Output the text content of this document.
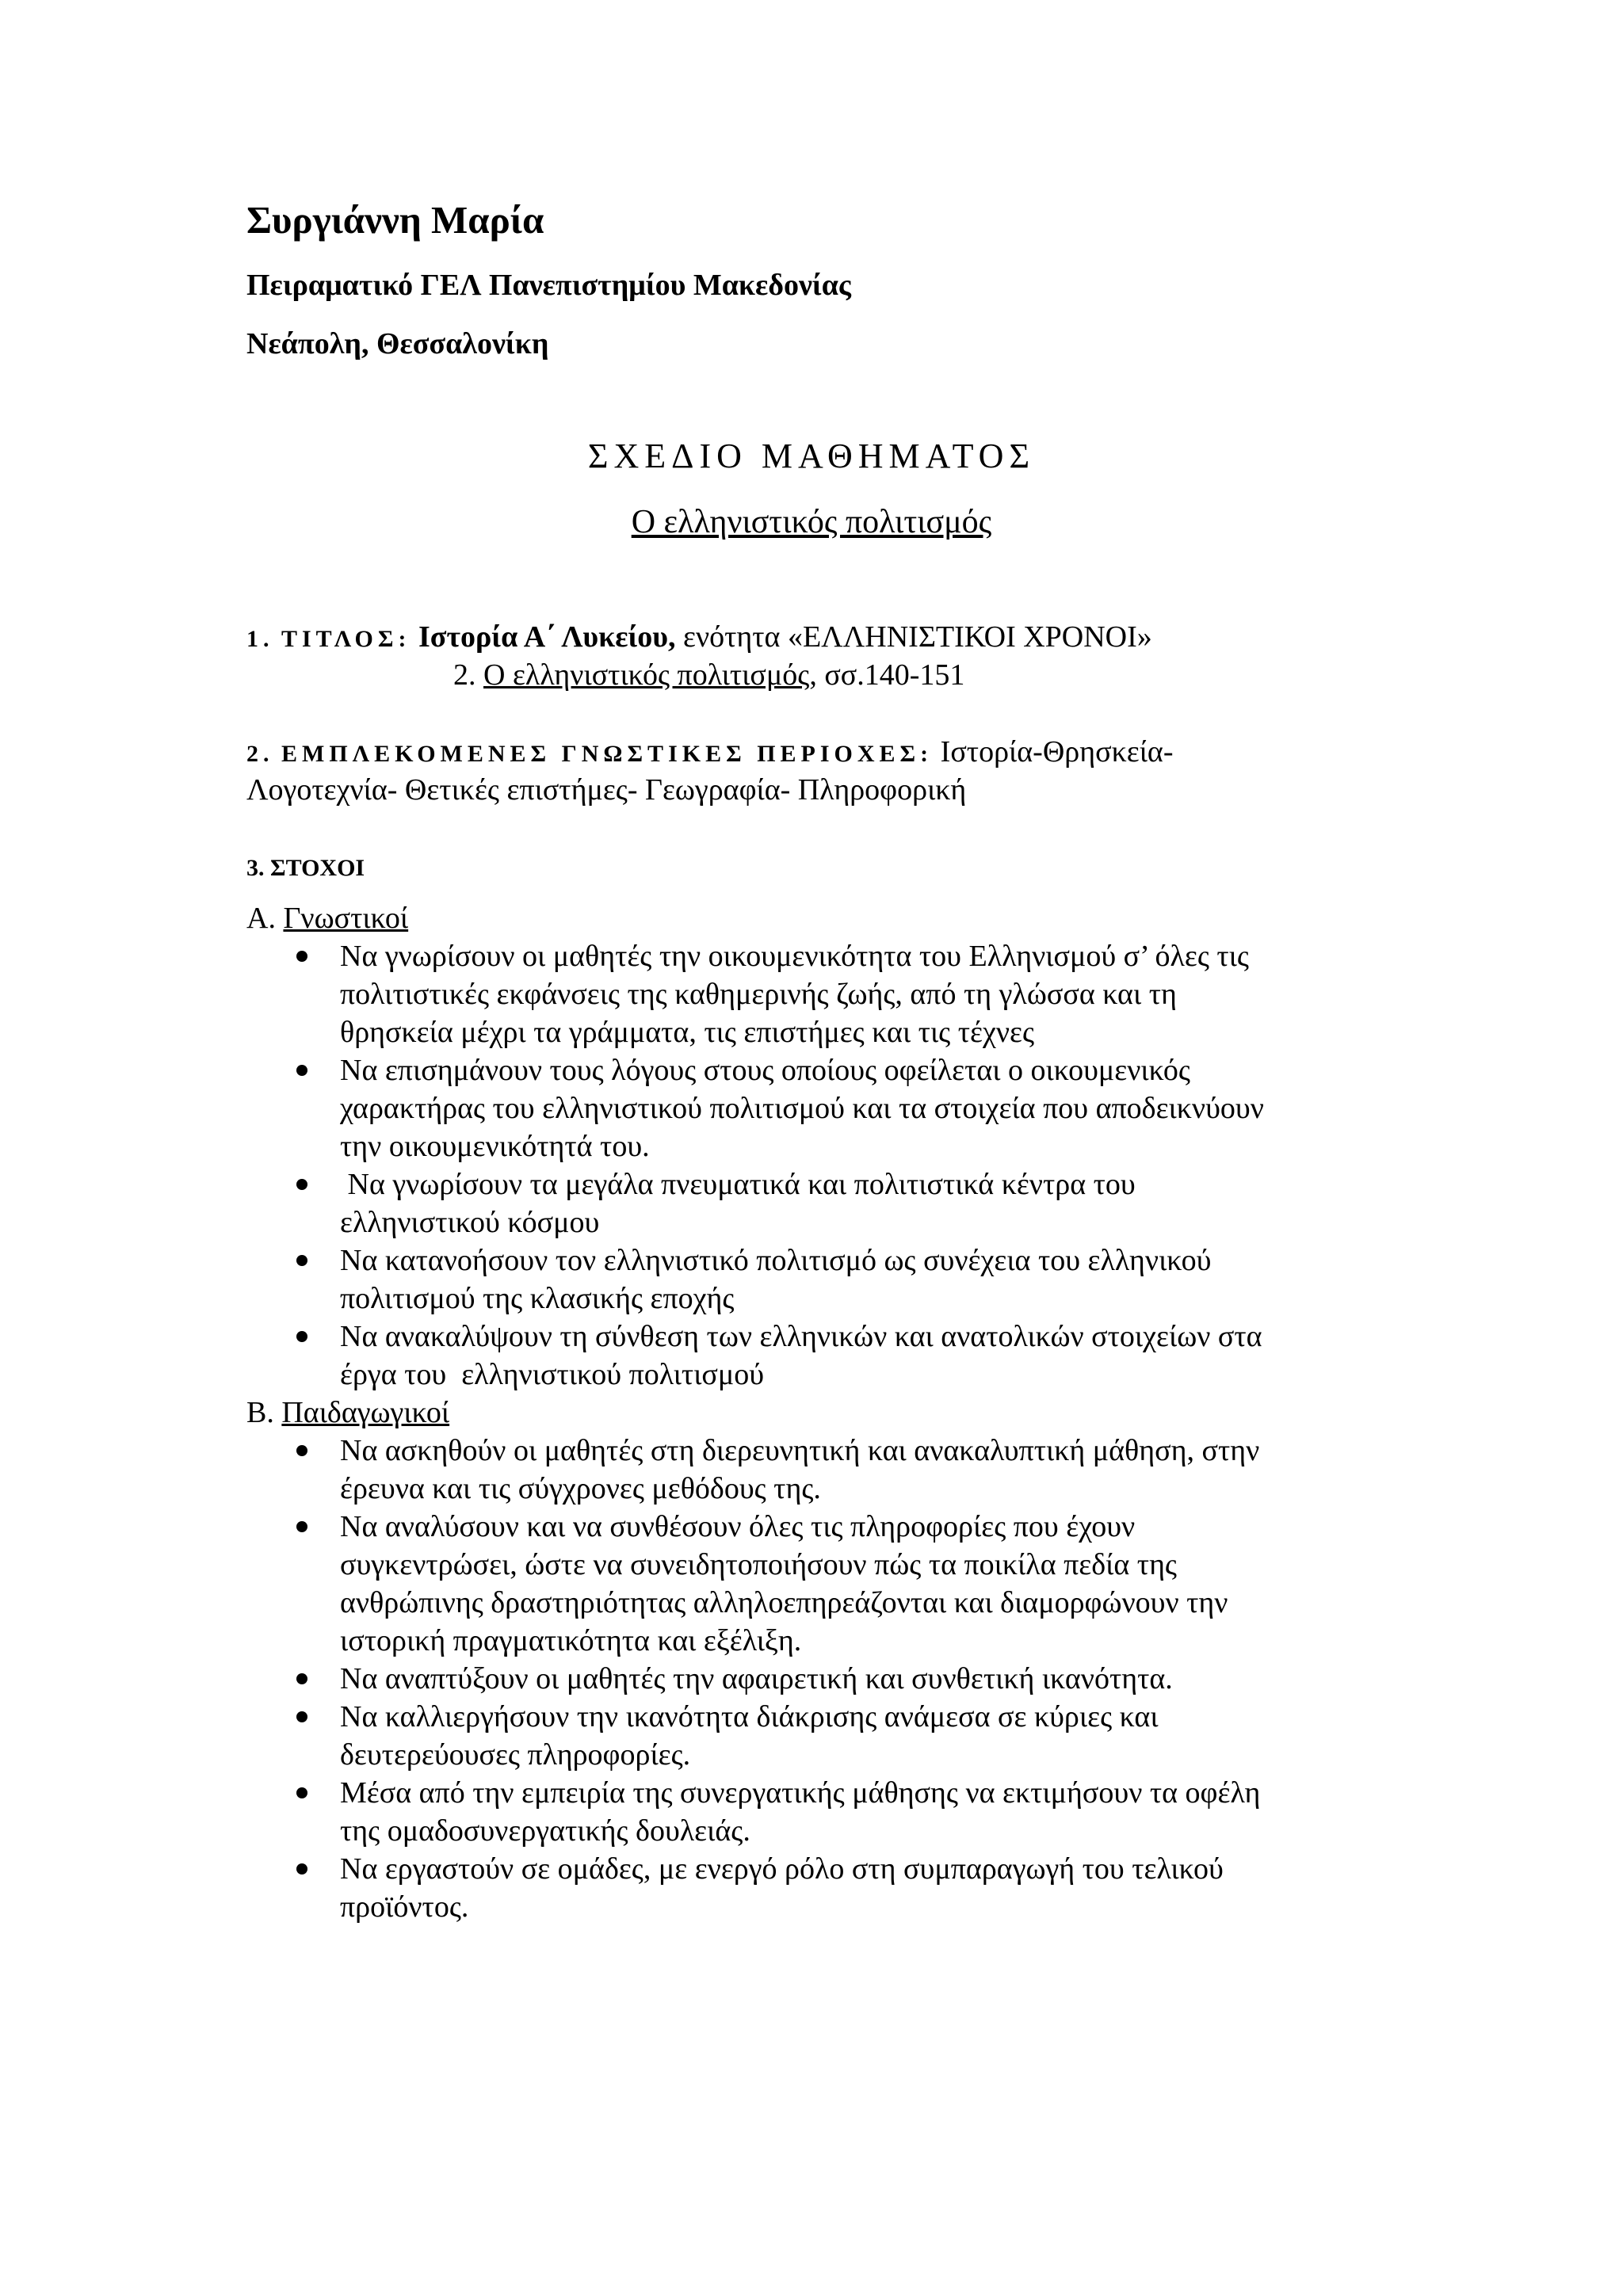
Συργιάννη Μαρία
Πειραματικό ΓΕΛ Πανεπιστημίου Μακεδονίας
Νεάπολη, Θεσσαλονίκη
ΣΧΕΔΙΟ ΜΑΘΗΜΑΤΟΣ
Ο ελληνιστικός πολιτισμός
1. ΤΙΤΛΟΣ: Ιστορία Α΄ Λυκείου, ενότητα «ΕΛΛΗΝΙΣΤΙΚΟΙ ΧΡΟΝΟΙ»
2. Ο ελληνιστικός πολιτισμός, σσ.140-151
2. ΕΜΠΛΕΚΟΜΕΝΕΣ ΓΝΩΣΤΙΚΕΣ ΠΕΡΙΟΧΕΣ: Ιστορία-Θρησκεία-
Λογοτεχνία- Θετικές επιστήμες- Γεωγραφία- Πληροφορική
3. ΣΤΟΧΟΙ

Α. Γνωστικοί

Να γνωρίσουν οι μαθητές την οικουμενικότητα του Ελληνισμού σ’ όλες τις
πολιτιστικές εκφάνσεις της καθημερινής ζωής, από τη γλώσσα και τη
θρησκεία μέχρι τα γράμματα, τις επιστήμες και τις τέχνες
Να επισημάνουν τους λόγους στους οποίους οφείλεται ο οικουμενικός
χαρακτήρας του ελληνιστικού πολιτισμού και τα στοιχεία που αποδεικνύουν
την οικουμενικότητά του.
Να γνωρίσουν τα μεγάλα πνευματικά και πολιτιστικά κέντρα του
ελληνιστικού κόσμου
Να κατανοήσουν τον ελληνιστικό πολιτισμό ως συνέχεια του ελληνικού
πολιτισμού της κλασικής εποχής
Να ανακαλύψουν τη σύνθεση των ελληνικών και ανατολικών στοιχείων στα
έργα του  ελληνιστικού πολιτισμού

Β. Παιδαγωγικοί

Να ασκηθούν οι μαθητές στη διερευνητική και ανακαλυπτική μάθηση, στην
έρευνα και τις σύγχρονες μεθόδους της.
Να αναλύσουν και να συνθέσουν όλες τις πληροφορίες που έχουν
συγκεντρώσει, ώστε να συνειδητοποιήσουν πώς τα ποικίλα πεδία της
ανθρώπινης δραστηριότητας αλληλοεπηρεάζονται και διαμορφώνουν την
ιστορική πραγματικότητα και εξέλιξη.
Να αναπτύξουν οι μαθητές την αφαιρετική και συνθετική ικανότητα.
Να καλλιεργήσουν την ικανότητα διάκρισης ανάμεσα σε κύριες και
δευτερεύουσες πληροφορίες.
Μέσα από την εμπειρία της συνεργατικής μάθησης να εκτιμήσουν τα οφέλη
της ομαδοσυνεργατικής δουλειάς.
Να εργαστούν σε ομάδες, με ενεργό ρόλο στη συμπαραγωγή του τελικού
προϊόντος.
